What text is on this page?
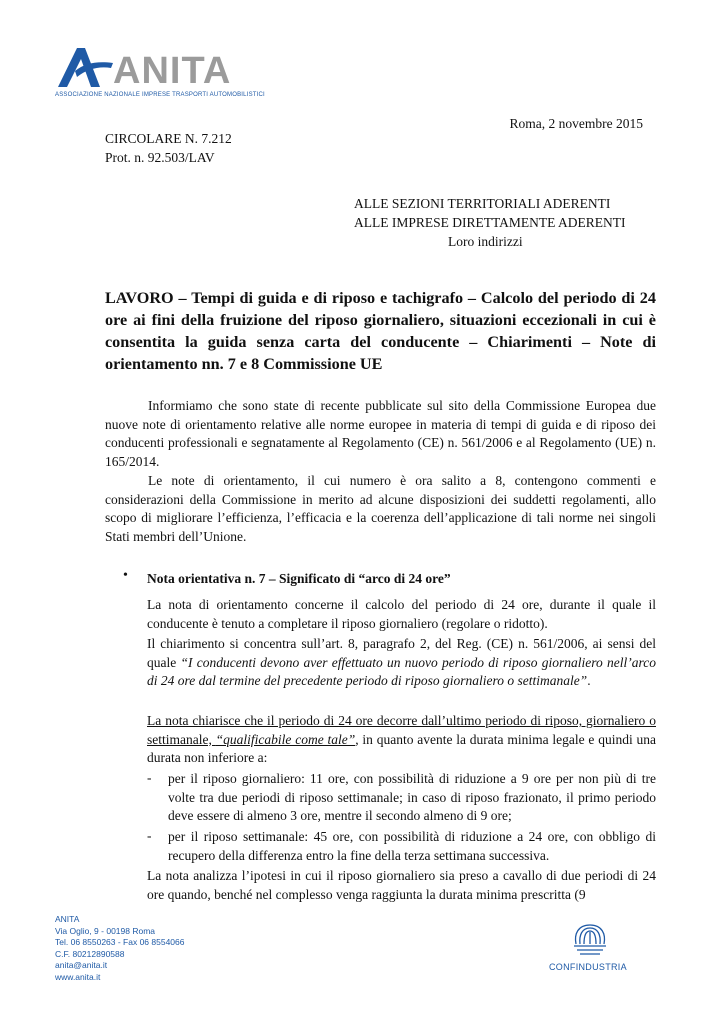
ANITA
ASSOCIAZIONE NAZIONALE IMPRESE TRASPORTI AUTOMOBILISTICI
Roma, 2 novembre 2015
CIRCOLARE N. 7.212
Prot. n. 92.503/LAV
ALLE SEZIONI TERRITORIALI ADERENTI
ALLE IMPRESE DIRETTAMENTE ADERENTI
Loro indirizzi
LAVORO – Tempi di guida e di riposo e tachigrafo – Calcolo del periodo di 24 ore ai fini della fruizione del riposo giornaliero, situazioni eccezionali in cui è consentita la guida senza carta del conducente – Chiarimenti – Note di orientamento nn. 7 e 8 Commissione UE
Informiamo che sono state di recente pubblicate sul sito della Commissione Europea due nuove note di orientamento relative alle norme europee in materia di tempi di guida e di riposo dei conducenti professionali e segnatamente al Regolamento (CE) n. 561/2006 e al Regolamento (UE) n. 165/2014.
Le note di orientamento, il cui numero è ora salito a 8, contengono commenti e considerazioni della Commissione in merito ad alcune disposizioni dei suddetti regolamenti, allo scopo di migliorare l’efficienza, l’efficacia e la coerenza dell’applicazione di tali norme nei singoli Stati membri dell’Unione.
• Nota orientativa n. 7 – Significato di “arco di 24 ore”
La nota di orientamento concerne il calcolo del periodo di 24 ore, durante il quale il conducente è tenuto a completare il riposo giornaliero (regolare o ridotto).
Il chiarimento si concentra sull’art. 8, paragrafo 2, del Reg. (CE) n. 561/2006, ai sensi del quale “I conducenti devono aver effettuato un nuovo periodo di riposo giornaliero nell’arco di 24 ore dal termine del precedente periodo di riposo giornaliero o settimanale”.
La nota chiarisce che il periodo di 24 ore decorre dall’ultimo periodo di riposo, giornaliero o settimanale, “qualificabile come tale”, in quanto avente la durata minima legale e quindi una durata non inferiore a:
- per il riposo giornaliero: 11 ore, con possibilità di riduzione a 9 ore per non più di tre volte tra due periodi di riposo settimanale; in caso di riposo frazionato, il primo periodo deve essere di almeno 3 ore, mentre il secondo almeno di 9 ore;
- per il riposo settimanale: 45 ore, con possibilità di riduzione a 24 ore, con obbligo di recupero della differenza entro la fine della terza settimana successiva.
La nota analizza l’ipotesi in cui il riposo giornaliero sia preso a cavallo di due periodi di 24 ore quando, benché nel complesso venga raggiunta la durata minima prescritta (9
ANITA
Via Oglio, 9 - 00198 Roma
Tel. 06 8550263 - Fax 06 8554066
C.F. 80212890588
anita@anita.it
www.anita.it
CONFINDUSTRIA
